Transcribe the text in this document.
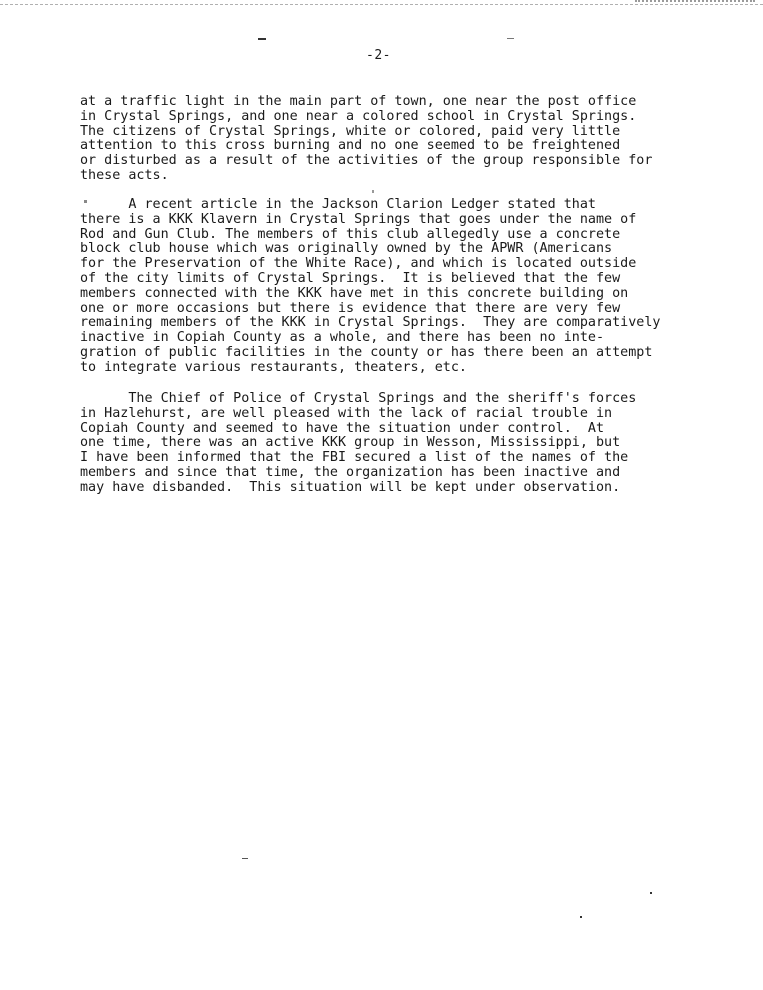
-2-
at a traffic light in the main part of town, one near the post office
in Crystal Springs, and one near a colored school in Crystal Springs.
The citizens of Crystal Springs, white or colored, paid very little
attention to this cross burning and no one seemed to be freightened
or disturbed as a result of the activities of the group responsible for
these acts.
A recent article in the Jackson Clarion Ledger stated that
there is a KKK Klavern in Crystal Springs that goes under the name of
Rod and Gun Club. The members of this club allegedly use a concrete
block club house which was originally owned by the APWR (Americans
for the Preservation of the White Race), and which is located outside
of the city limits of Crystal Springs.  It is believed that the few
members connected with the KKK have met in this concrete building on
one or more occasions but there is evidence that there are very few
remaining members of the KKK in Crystal Springs.  They are comparatively
inactive in Copiah County as a whole, and there has been no inte-
gration of public facilities in the county or has there been an attempt
to integrate various restaurants, theaters, etc.
The Chief of Police of Crystal Springs and the sheriff's forces
in Hazlehurst, are well pleased with the lack of racial trouble in
Copiah County and seemed to have the situation under control.  At
one time, there was an active KKK group in Wesson, Mississippi, but
I have been informed that the FBI secured a list of the names of the
members and since that time, the organization has been inactive and
may have disbanded.  This situation will be kept under observation.
